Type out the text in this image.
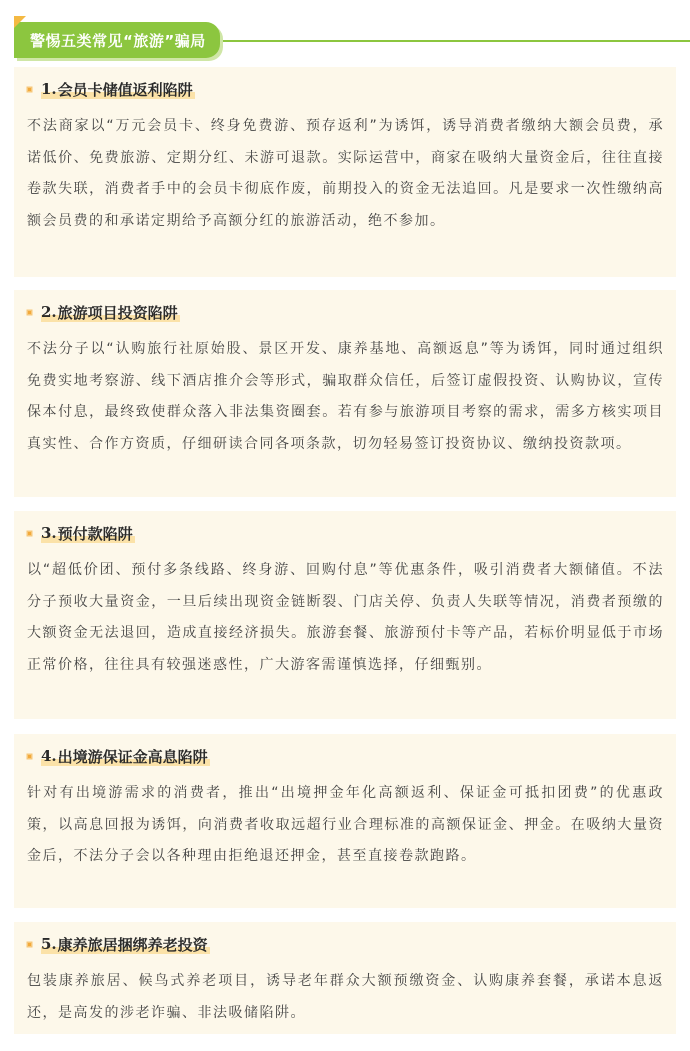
警惕五类常见“旅游”骗局
1. 会员卡储值返利陷阱
不法商家以“万元会员卡、终身免费游、预存返利”为诱饵，诱导消费者缴纳大额会员费，承诺低价、免费旅游、定期分红、未游可退款。实际运营中，商家在吸纳大量资金后，往往直接卷款失联，消费者手中的会员卡彻底作废，前期投入的资金无法追回。凡是要求一次性缴纳高额会员费的和承诺定期给予高额分红的旅游活动，绝不参加。
2. 旅游项目投资陷阱
不法分子以“认购旅行社原始股、景区开发、康养基地、高额返息”等为诱饵，同时通过组织免费实地考察游、线下酒店推介会等形式，骗取群众信任，后签订虚假投资、认购协议，宣传保本付息，最终致使群众落入非法集资圈套。若有参与旅游项目考察的需求，需多方核实项目真实性、合作方资质，仔细研读合同各项条款，切勿轻易签订投资协议、缴纳投资款项。
3. 预付款陷阱
以“超低价团、预付多条线路、终身游、回购付息”等优惠条件，吸引消费者大额储值。不法分子预收大量资金，一旦后续出现资金链断裂、门店关停、负责人失联等情况，消费者预缴的大额资金无法退回，造成直接经济损失。旅游套餐、旅游预付卡等产品，若标价明显低于市场正常价格，往往具有较强迷惑性，广大游客需谨慎选择，仔细甄别。
4. 出境游保证金高息陷阱
针对有出境游需求的消费者，推出“出境押金年化高额返利、保证金可抵扣团费”的优惠政策，以高息回报为诱饵，向消费者收取远超行业合理标准的高额保证金、押金。在吸纳大量资金后，不法分子会以各种理由拒绝退还押金，甚至直接卷款跑路。
5. 康养旅居捆绑养老投资
包装康养旅居、候鸟式养老项目，诱导老年群众大额预缴资金、认购康养套餐，承诺本息返还，是高发的涉老诈骗、非法吸储陷阱。
